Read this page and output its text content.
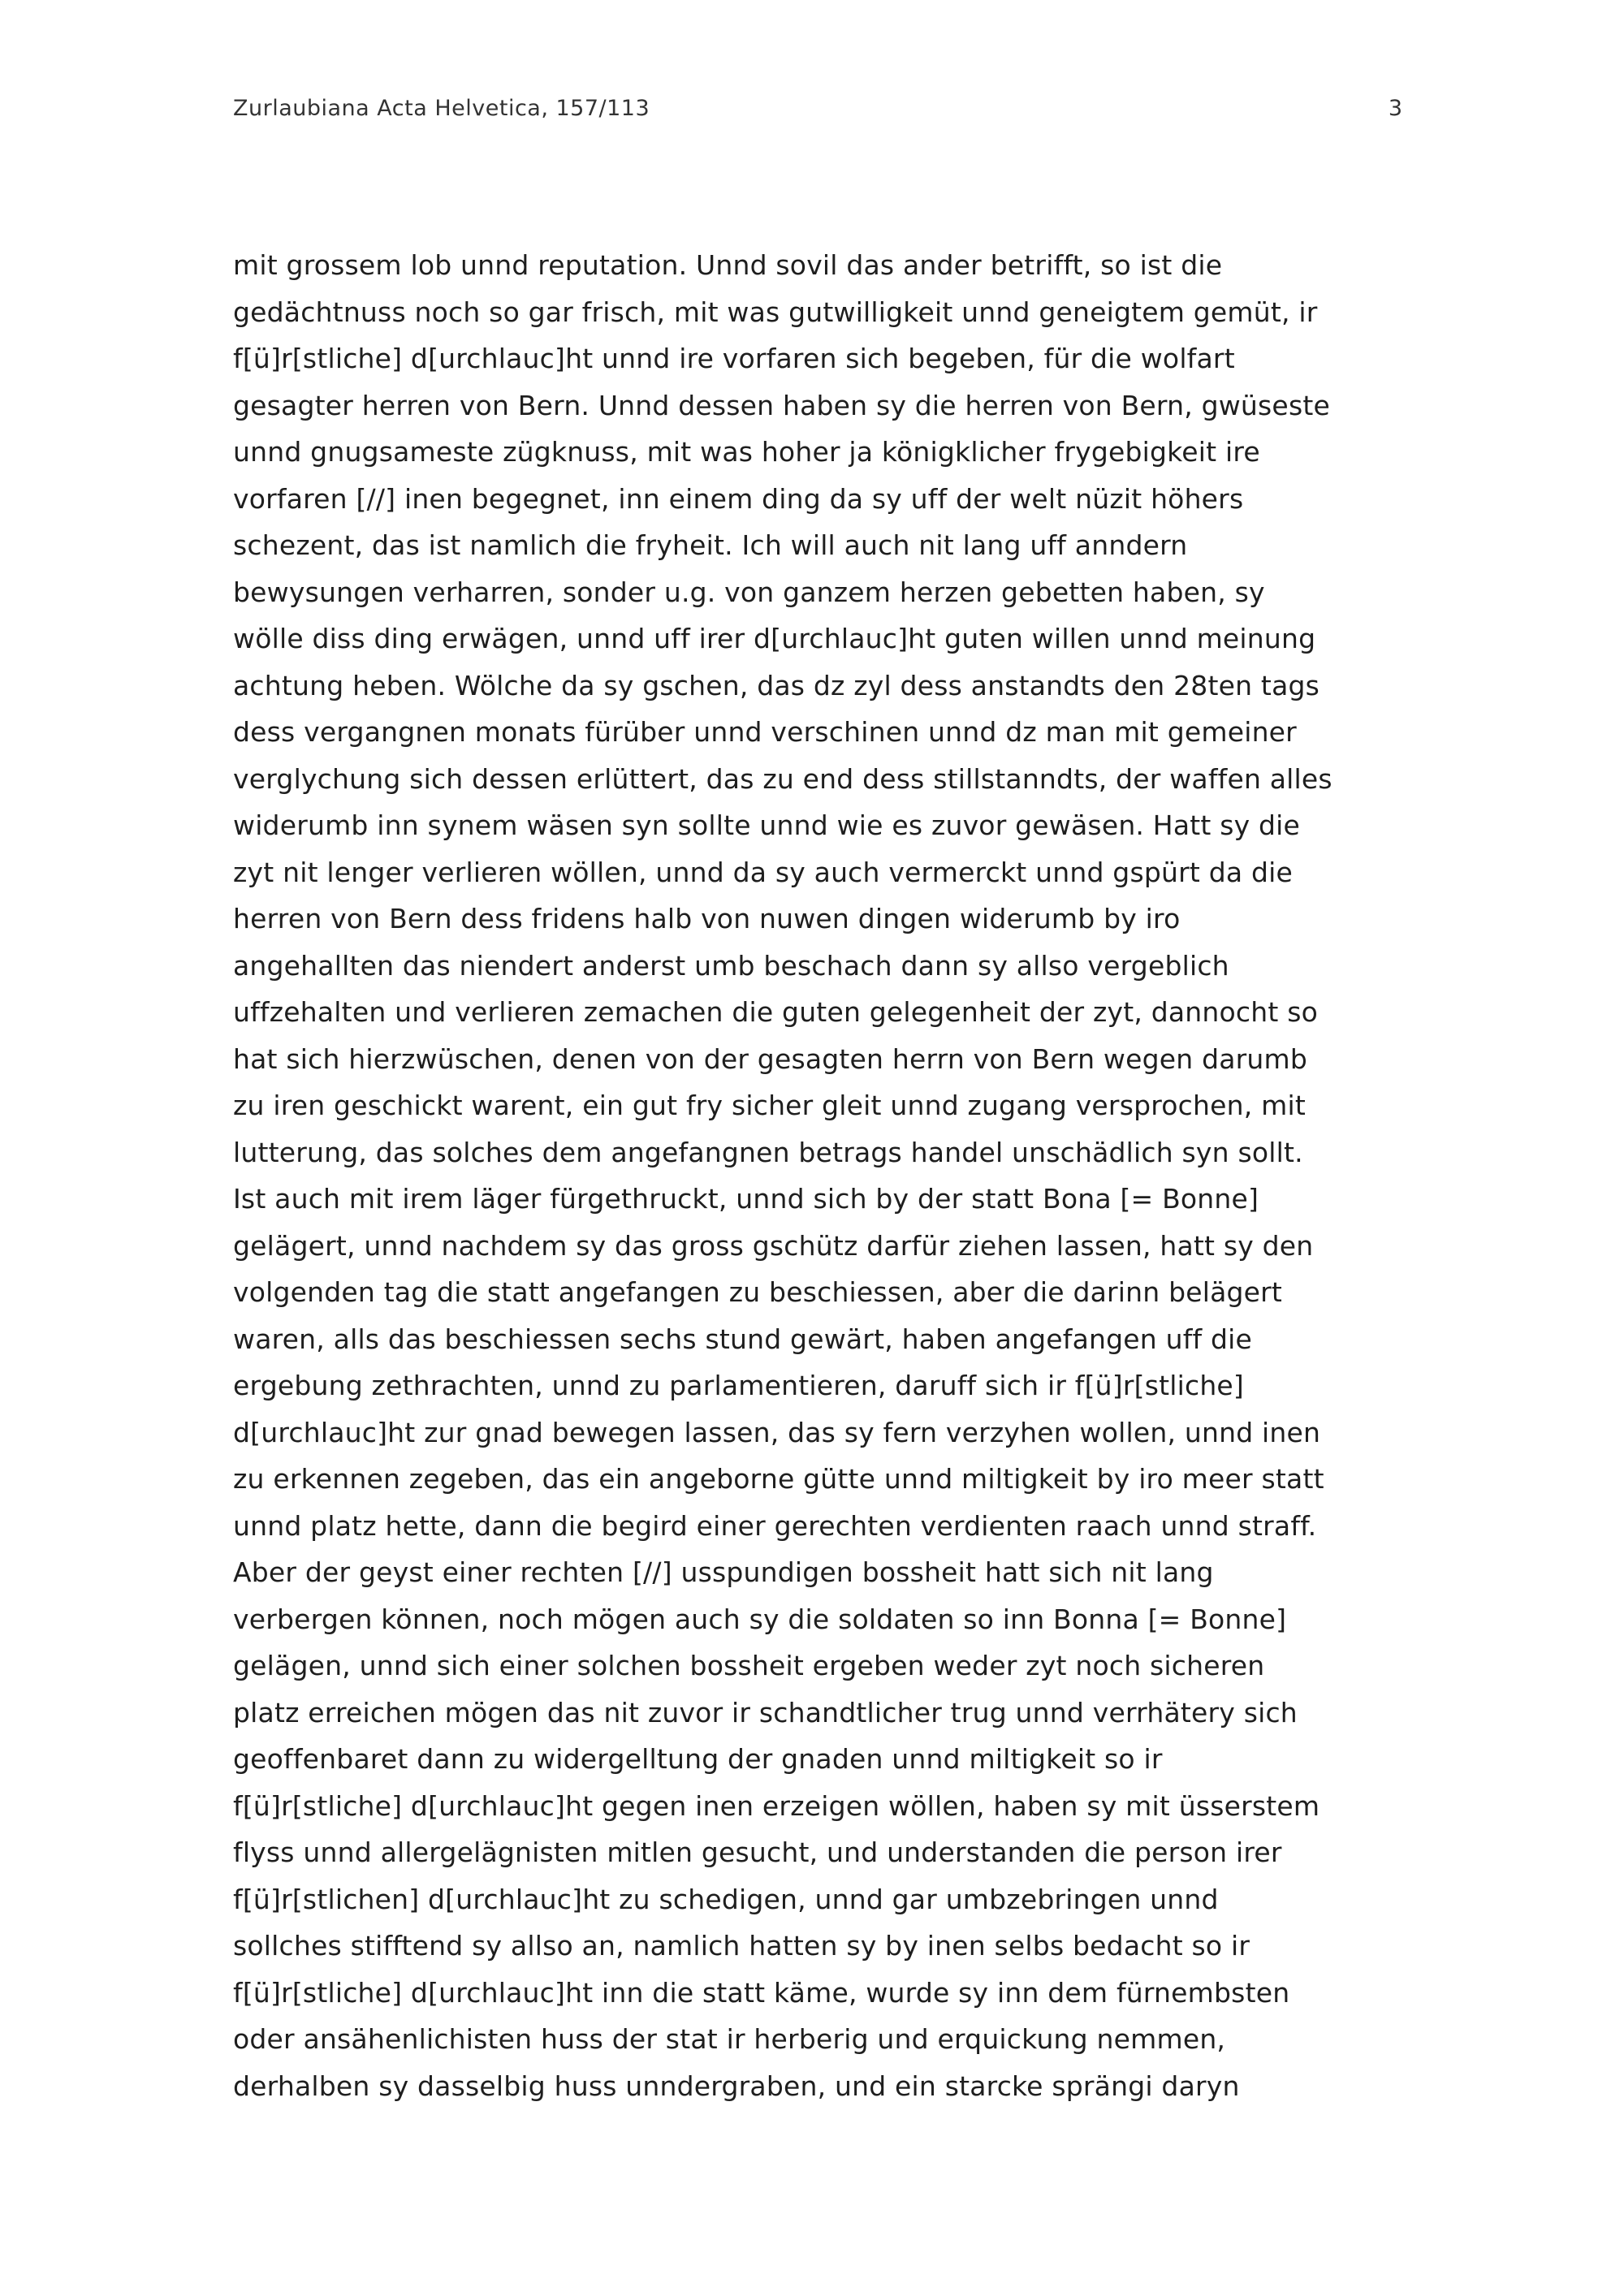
Zurlaubiana Acta Helvetica, 157/113	3
mit grossem lob unnd reputation. Unnd sovil das ander betrifft, so ist die
gedächtnuss noch so gar frisch, mit was gutwilligkeit unnd geneigtem gemüt, ir
f[ü]r[stliche] d[urchlauc]ht unnd ire vorfaren sich begeben, für die wolfart
gesagter herren von Bern. Unnd dessen haben sy die herren von Bern, gwüseste
unnd gnugsameste zügknuss, mit was hoher ja königklicher frygebigkeit ire
vorfaren [//] inen begegnet, inn einem ding da sy uff der welt nüzit höhers
schezent, das ist namlich die fryheit. Ich will auch nit lang uff anndern
bewysungen verharren, sonder u.g. von ganzem herzen gebetten haben, sy
wölle diss ding erwägen, unnd uff irer d[urchlauc]ht guten willen unnd meinung
achtung heben. Wölche da sy gschen, das dz zyl dess anstandts den 28ten tags
dess vergangnen monats fürüber unnd verschinen unnd dz man mit gemeiner
verglychung sich dessen erlüttert, das zu end dess stillstanndts, der waffen alles
widerumb inn synem wäsen syn sollte unnd wie es zuvor gewäsen. Hatt sy die
zyt nit lenger verlieren wöllen, unnd da sy auch vermerckt unnd gspürt da die
herren von Bern dess fridens halb von nuwen dingen widerumb by iro
angehallten das niendert anderst umb beschach dann sy allso vergeblich
uffzehalten und verlieren zemachen die guten gelegenheit der zyt, dannocht so
hat sich hierzwüschen, denen von der gesagten herrn von Bern wegen darumb
zu iren geschickt warent, ein gut fry sicher gleit unnd zugang versprochen, mit
lutterung, das solches dem angefangnen betrags handel unschädlich syn sollt.
Ist auch mit irem läger fürgethruckt, unnd sich by der statt Bona [= Bonne]
gelägert, unnd nachdem sy das gross gschütz darfür ziehen lassen, hatt sy den
volgenden tag die statt angefangen zu beschiessen, aber die darinn belägert
waren, alls das beschiessen sechs stund gewärt, haben angefangen uff die
ergebung zethrachten, unnd zu parlamentieren, daruff sich ir f[ü]r[stliche]
d[urchlauc]ht zur gnad bewegen lassen, das sy fern verzyhen wollen, unnd inen
zu erkennen zegeben, das ein angeborne gütte unnd miltigkeit by iro meer statt
unnd platz hette, dann die begird einer gerechten verdienten raach unnd straff.
Aber der geyst einer rechten [//] usspundigen bossheit hatt sich nit lang
verbergen können, noch mögen auch sy die soldaten so inn Bonna [= Bonne]
gelägen, unnd sich einer solchen bossheit ergeben weder zyt noch sicheren
platz erreichen mögen das nit zuvor ir schandtlicher trug unnd verrhätery sich
geoffenbaret dann zu widergelltung der gnaden unnd miltigkeit so ir
f[ü]r[stliche] d[urchlauc]ht gegen inen erzeigen wöllen, haben sy mit üsserstem
flyss unnd allergelägnisten mitlen gesucht, und understanden die person irer
f[ü]r[stlichen] d[urchlauc]ht zu schedigen, unnd gar umbzebringen unnd
sollches stifftend sy allso an, namlich hatten sy by inen selbs bedacht so ir
f[ü]r[stliche] d[urchlauc]ht inn die statt käme, wurde sy inn dem fürnembsten
oder ansähenlichisten huss der stat ir herberig und erquickung nemmen,
derhalben sy dasselbig huss unndergraben, und ein starcke sprängi daryn
